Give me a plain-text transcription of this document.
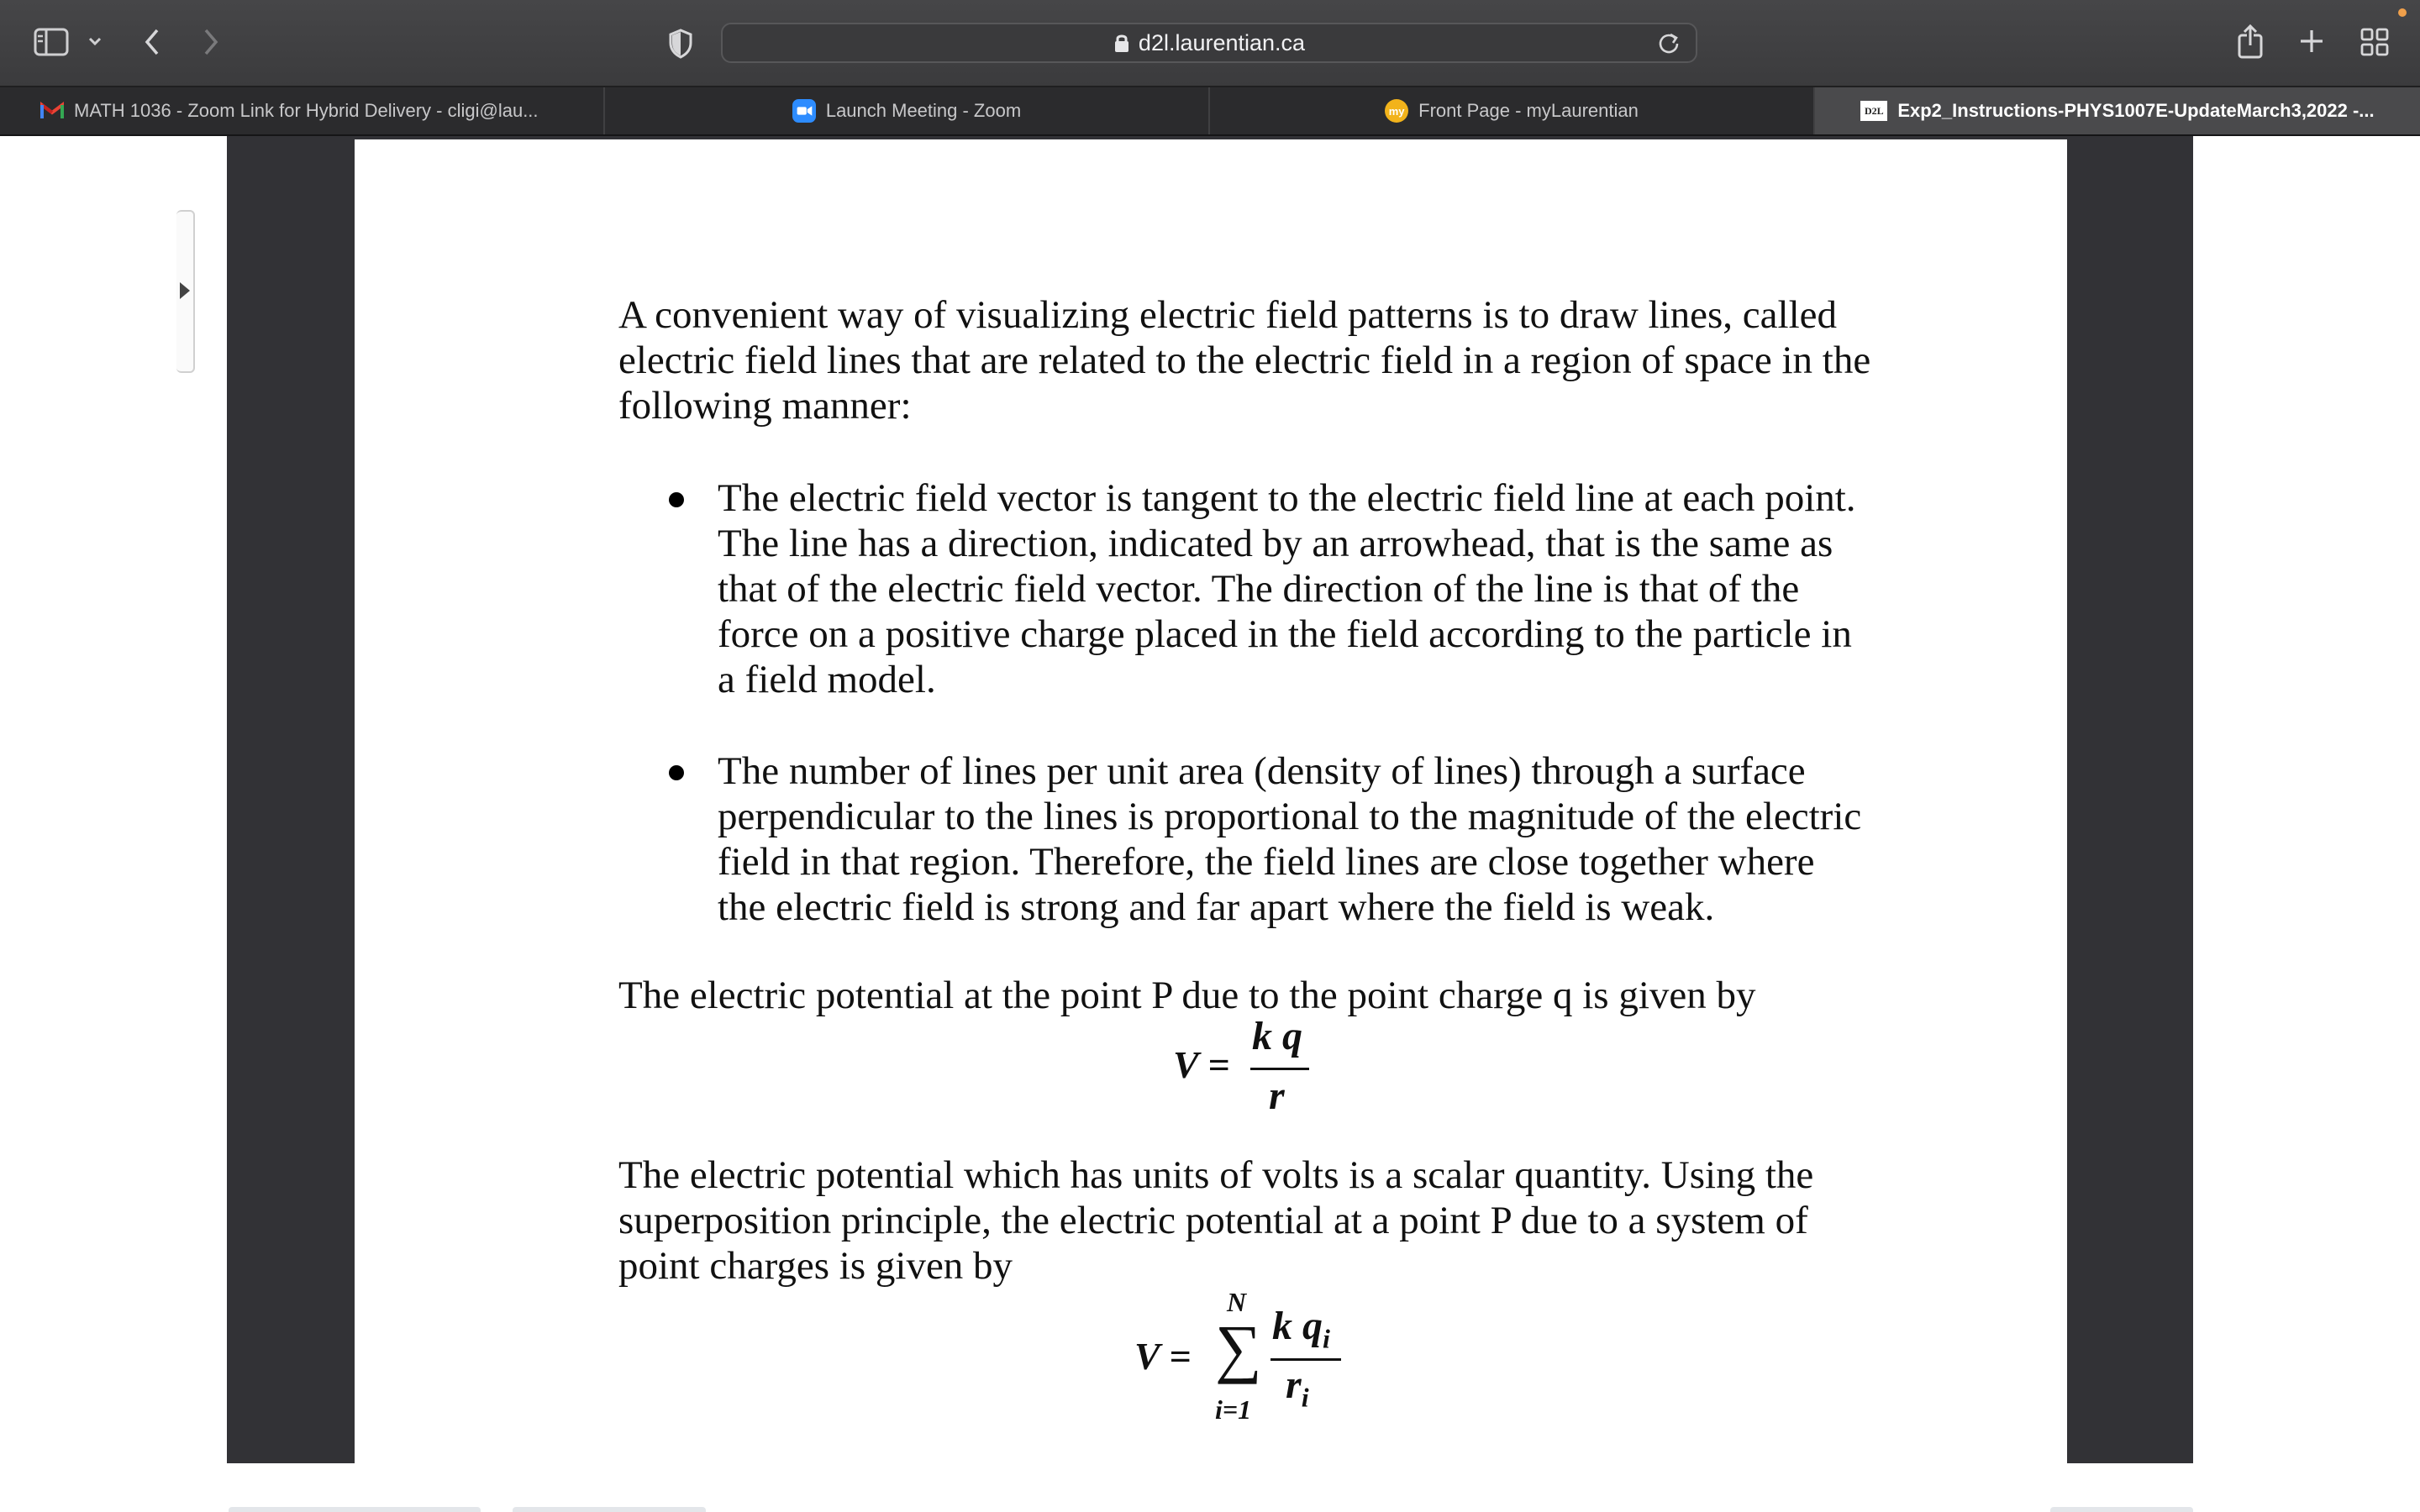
d2l.laurentian.ca
MATH 1036 - Zoom Link for Hybrid Delivery - cligi@lau...	Launch Meeting - Zoom	my Front Page - myLaurentian	D2L Exp2_Instructions-PHYS1007E-UpdateMarch3,2022 -...
A convenient way of visualizing electric field patterns is to draw lines, called
electric field lines that are related to the electric field in a region of space in the
following manner:
The electric field vector is tangent to the electric field line at each point.
The line has a direction, indicated by an arrowhead, that is the same as
that of the electric field vector. The direction of the line is that of the
force on a positive charge placed in the field according to the particle in
a field model.
The number of lines per unit area (density of lines) through a surface
perpendicular to the lines is proportional to the magnitude of the electric
field in that region. Therefore, the field lines are close together where
the electric field is strong and far apart where the field is weak.
The electric potential at the point P due to the point charge q is given by
V =
k q
r
The electric potential which has units of volts is a scalar quantity. Using the
superposition principle, the electric potential at a point P due to a system of
point charges is given by
V =
N
∑
i=1
k $q_i$
$r_i$
